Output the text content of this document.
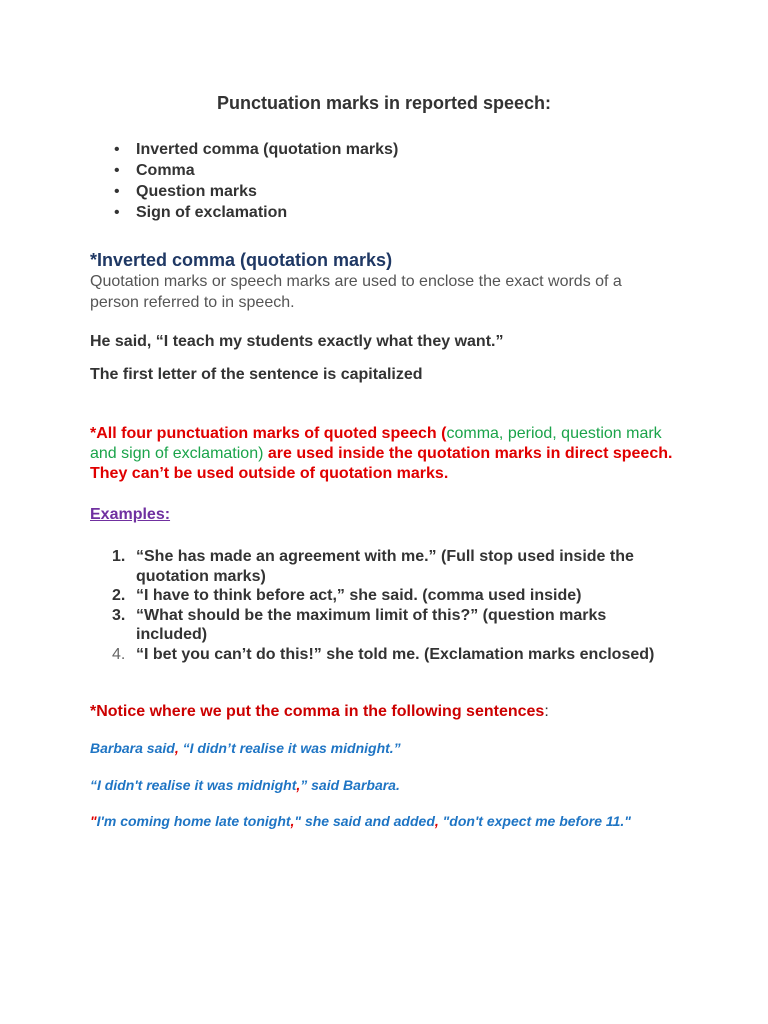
Punctuation marks in reported speech:
• Inverted comma (quotation marks)
• Comma
• Question marks
• Sign of exclamation
*Inverted comma (quotation marks)
Quotation marks or speech marks are used to enclose the exact words of a person referred to in speech.
He said, “I teach my students exactly what they want.”
The first letter of the sentence is capitalized
*All four punctuation marks of quoted speech (comma, period, question mark and sign of exclamation) are used inside the quotation marks in direct speech. They can’t be used outside of quotation marks.
Examples:
1. “She has made an agreement with me.” (Full stop used inside the quotation marks)
2. “I have to think before act,” she said. (comma used inside)
3. “What should be the maximum limit of this?” (question marks included)
4. “I bet you can’t do this!” she told me. (Exclamation marks enclosed)
*Notice where we put the comma in the following sentences:
Barbara said, “I didn’t realise it was midnight.”
“I didn't realise it was midnight,” said Barbara.
"I'm coming home late tonight," she said and added, "don't expect me before 11."
